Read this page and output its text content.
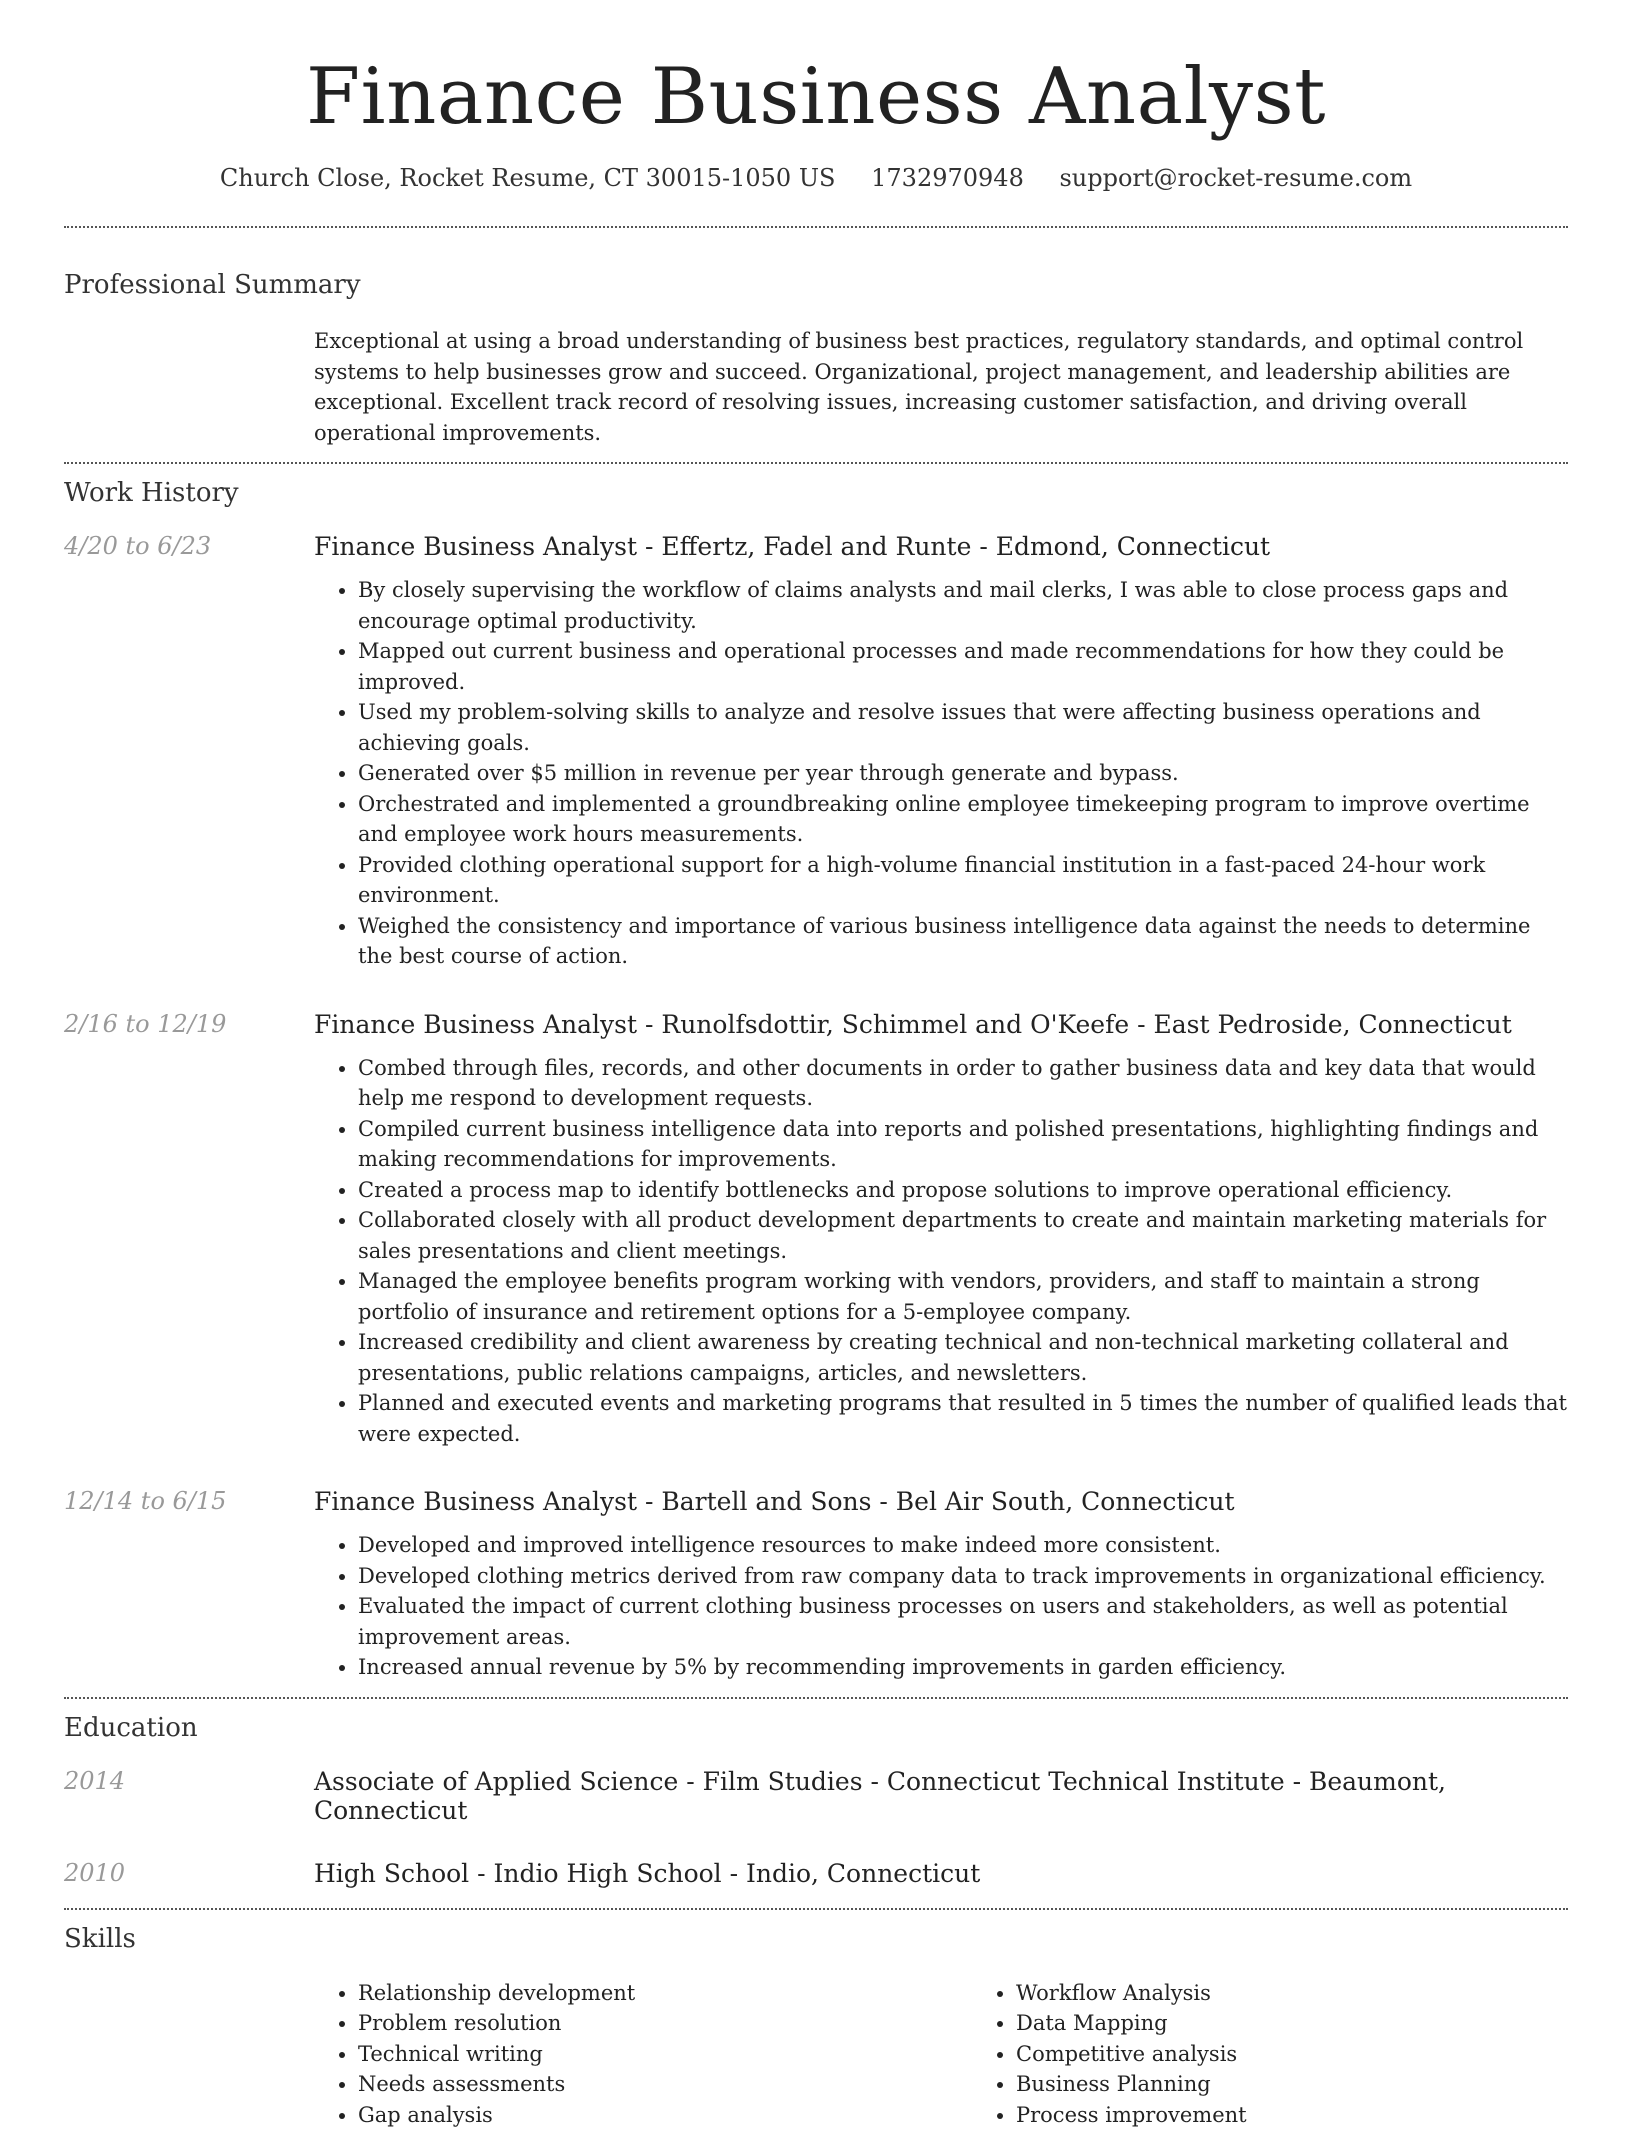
Finance Business Analyst
Church Close, Rocket Resume, CT 30015-1050 US 1732970948 support@rocket-resume.com
Professional Summary
Exceptional at using a broad understanding of business best practices, regulatory standards, and optimal control systems to help businesses grow and succeed. Organizational, project management, and leadership abilities are exceptional. Excellent track record of resolving issues, increasing customer satisfaction, and driving overall operational improvements.
Work History
4/20 to 6/23	Finance Business Analyst - Effertz, Fadel and Runte - Edmond, Connecticut
• By closely supervising the workflow of claims analysts and mail clerks, I was able to close process gaps and encourage optimal productivity.
• Mapped out current business and operational processes and made recommendations for how they could be improved.
• Used my problem-solving skills to analyze and resolve issues that were affecting business operations and achieving goals.
• Generated over $5 million in revenue per year through generate and bypass.
• Orchestrated and implemented a groundbreaking online employee timekeeping program to improve overtime and employee work hours measurements.
• Provided clothing operational support for a high-volume financial institution in a fast-paced 24-hour work environment.
• Weighed the consistency and importance of various business intelligence data against the needs to determine the best course of action.
2/16 to 12/19	Finance Business Analyst - Runolfsdottir, Schimmel and O'Keefe - East Pedroside, Connecticut
• Combed through files, records, and other documents in order to gather business data and key data that would help me respond to development requests.
• Compiled current business intelligence data into reports and polished presentations, highlighting findings and making recommendations for improvements.
• Created a process map to identify bottlenecks and propose solutions to improve operational efficiency.
• Collaborated closely with all product development departments to create and maintain marketing materials for sales presentations and client meetings.
• Managed the employee benefits program working with vendors, providers, and staff to maintain a strong portfolio of insurance and retirement options for a 5-employee company.
• Increased credibility and client awareness by creating technical and non-technical marketing collateral and presentations, public relations campaigns, articles, and newsletters.
• Planned and executed events and marketing programs that resulted in 5 times the number of qualified leads that were expected.
12/14 to 6/15	Finance Business Analyst - Bartell and Sons - Bel Air South, Connecticut
• Developed and improved intelligence resources to make indeed more consistent.
• Developed clothing metrics derived from raw company data to track improvements in organizational efficiency.
• Evaluated the impact of current clothing business processes on users and stakeholders, as well as potential improvement areas.
• Increased annual revenue by 5% by recommending improvements in garden efficiency.
Education
2014	Associate of Applied Science - Film Studies - Connecticut Technical Institute - Beaumont, Connecticut
2010	High School - Indio High School - Indio, Connecticut
Skills
• Relationship development
• Problem resolution
• Technical writing
• Needs assessments
• Gap analysis
• Workflow Analysis
• Data Mapping
• Competitive analysis
• Business Planning
• Process improvement
